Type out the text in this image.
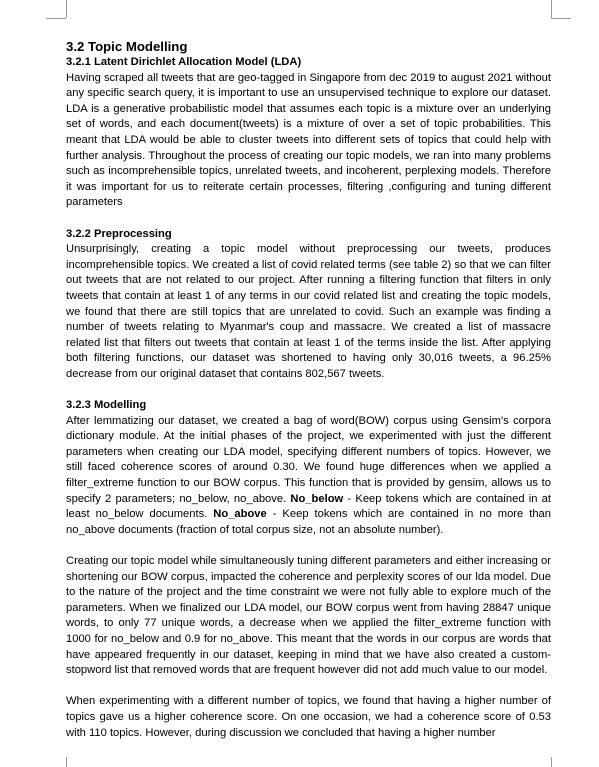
3.2 Topic Modelling
3.2.1 Latent Dirichlet Allocation Model (LDA)

Having scraped all tweets that are geo-tagged in Singapore from dec 2019 to august 2021 without any specific search query, it is important to use an unsupervised technique to explore our dataset. LDA is a generative probabilistic model that assumes each topic is a mixture over an underlying set of words, and each document(tweets) is a mixture of over a set of topic probabilities. This meant that LDA would be able to cluster tweets into different sets of topics that could help with further analysis. Throughout the process of creating our topic models, we ran into many problems such as incomprehensible topics, unrelated tweets, and incoherent, perplexing models. Therefore it was important for us to reiterate certain processes, filtering ,configuring and tuning different parameters

3.2.2 Preprocessing

Unsurprisingly, creating a topic model without preprocessing our tweets, produces incomprehensible topics. We created a list of covid related terms (see table 2) so that we can filter out tweets that are not related to our project. After running a filtering function that filters in only tweets that contain at least 1 of any terms in our covid related list and creating the topic models, we found that there are still topics that are unrelated to covid. Such an example was finding a number of tweets relating to Myanmar's coup and massacre. We created a list of massacre related list that filters out tweets that contain at least 1 of the terms inside the list. After applying both filtering functions, our dataset was shortened to having only 30,016 tweets, a 96.25% decrease from our original dataset that contains 802,567 tweets.

3.2.3 Modelling

After lemmatizing our dataset, we created a bag of word(BOW) corpus using Gensim's corpora dictionary module. At the initial phases of the project, we experimented with just the different parameters when creating our LDA model, specifying different numbers of topics. However, we still faced coherence scores of around 0.30. We found huge differences when we applied a filter_extreme function to our BOW corpus. This function that is provided by gensim, allows us to specify 2 parameters; no_below, no_above. No_below - Keep tokens which are contained in at least no_below documents. No_above - Keep tokens which are contained in no more than no_above documents (fraction of total corpus size, not an absolute number).

Creating our topic model while simultaneously tuning different parameters and either increasing or shortening our BOW corpus, impacted the coherence and perplexity scores of our lda model. Due to the nature of the project and the time constraint we were not fully able to explore much of the parameters. When we finalized our LDA model, our BOW corpus went from having 28847 unique words, to only 77 unique words, a decrease when we applied the filter_extreme function with 1000 for no_below and 0.9 for no_above. This meant that the words in our corpus are words that have appeared frequently in our dataset, keeping in mind that we have also created a custom-stopword list that removed words that are frequent however did not add much value to our model.

When experimenting with a different number of topics, we found that having a higher number of topics gave us a higher coherence score. On one occasion, we had a coherence score of 0.53 with 110 topics. However, during discussion we concluded that having a higher number
